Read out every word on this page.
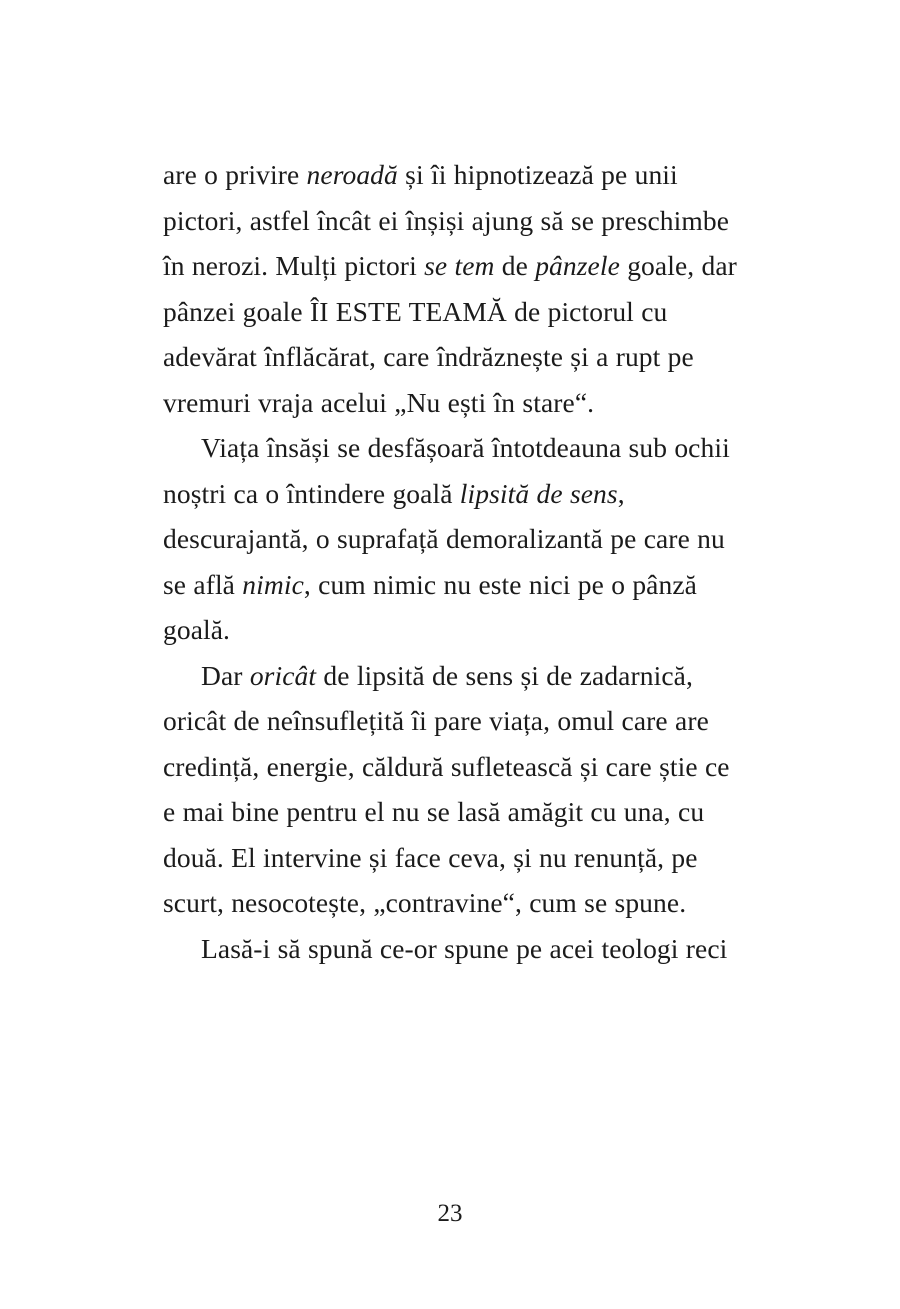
are o privire neroadă și îi hipnotizează pe unii pictori, astfel încât ei înșiși ajung să se preschimbe în nerozi. Mulți pictori se tem de pânzele goale, dar pânzei goale ÎI ESTE TEAMĂ de pictorul cu adevărat înflăcărat, care îndrăznește și a rupt pe vremuri vraja acelui „Nu ești în stare“.

Viața însăși se desfășoară întotdeauna sub ochii noștri ca o întindere goală lipsită de sens, descurajantă, o suprafață demoralizantă pe care nu se află nimic, cum nimic nu este nici pe o pânză goală.

Dar oricât de lipsită de sens și de zadarnică, oricât de neînsuflețită îi pare viața, omul care are credință, energie, căldură sufletească și care știe ce e mai bine pentru el nu se lasă amăgit cu una, cu două. El intervine și face ceva, și nu renunță, pe scurt, nesocotește, „contravine“, cum se spune.

Lasă-i să spună ce-or spune pe acei teologi reci

23
